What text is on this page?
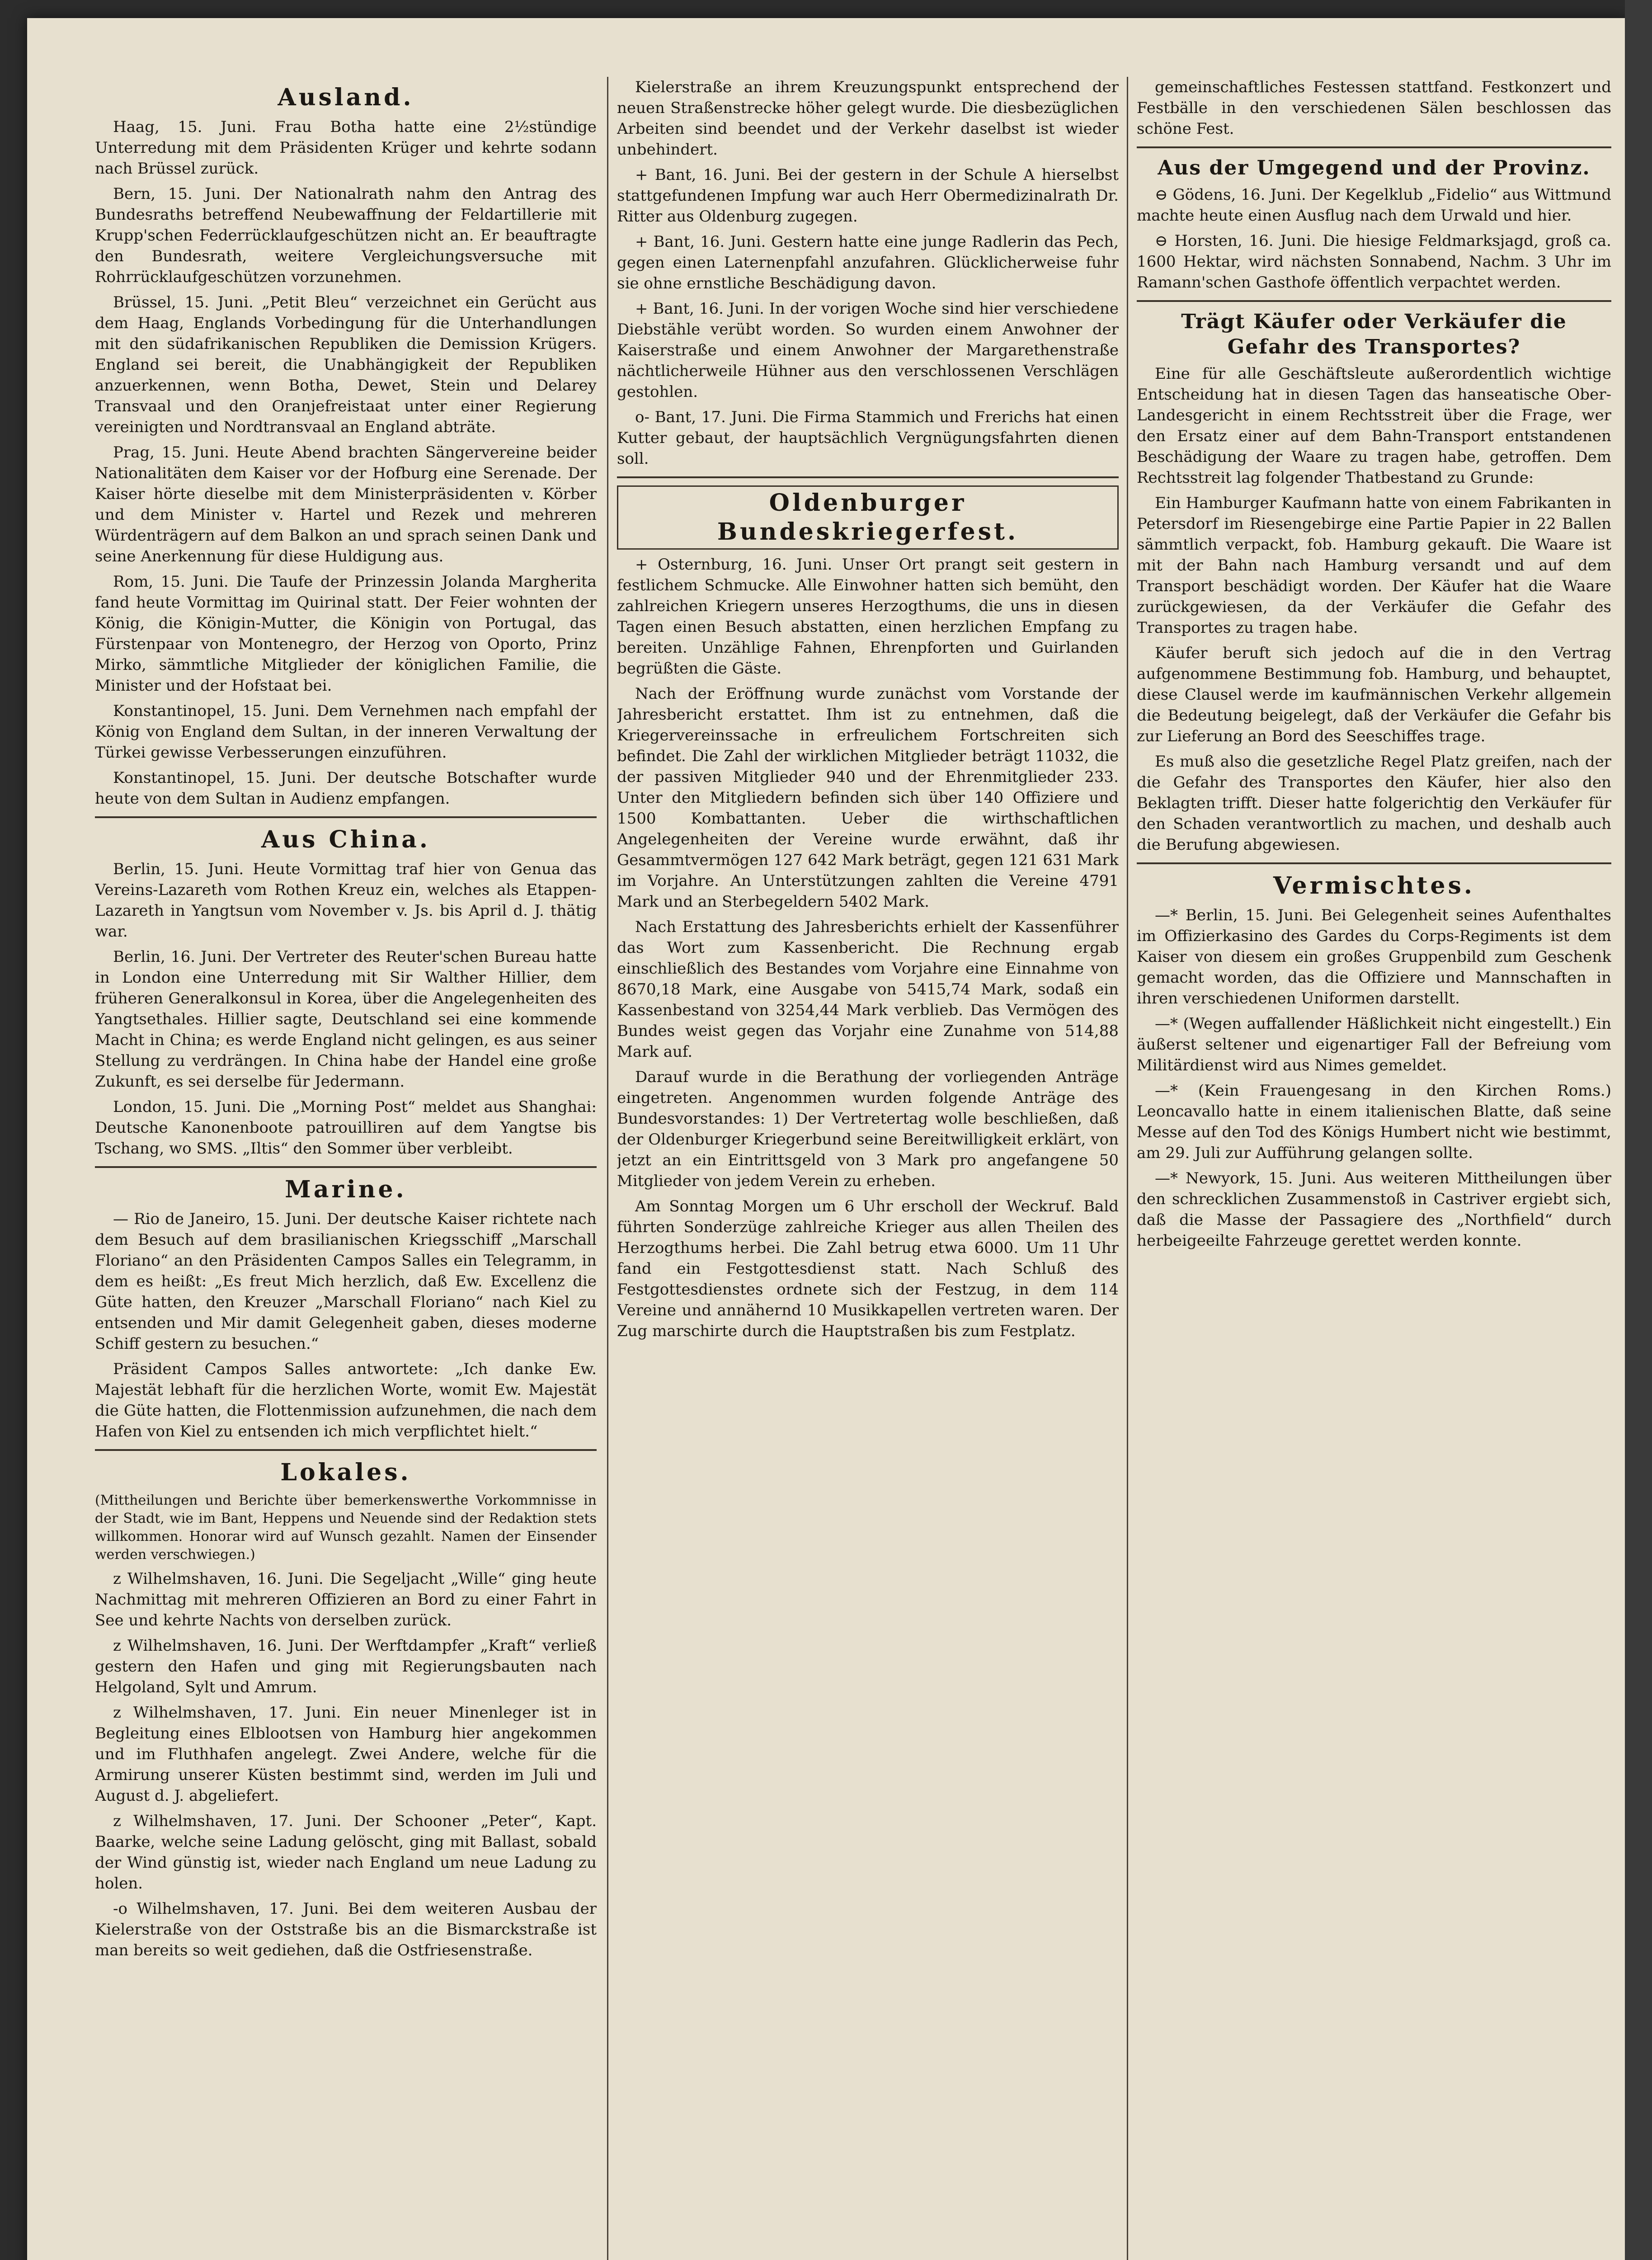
Ausland.

Haag, 15. Juni. Frau Botha hatte eine 2½stündige Unterredung mit dem Präsidenten Krüger und kehrte sodann nach Brüssel zurück.

Bern, 15. Juni. Der Nationalrath nahm den Antrag des Bundesraths betreffend Neubewaffnung der Feldartillerie mit Krupp'schen Federrücklaufgeschützen nicht an. Er beauftragte den Bundesrath, weitere Vergleichungsversuche mit Rohrrücklaufgeschützen vorzunehmen.

Brüssel, 15. Juni. „Petit Bleu“ verzeichnet ein Gerücht aus dem Haag, Englands Vorbedingung für die Unterhandlungen mit den südafrikanischen Republiken die Demission Krügers. England sei bereit, die Unabhängigkeit der Republiken anzuerkennen, wenn Botha, Dewet, Stein und Delarey Transvaal und den Oranjefreistaat unter einer Regierung vereinigten und Nordtransvaal an England abträte.

Prag, 15. Juni. Heute Abend brachten Sängervereine beider Nationalitäten dem Kaiser vor der Hofburg eine Serenade. Der Kaiser hörte dieselbe mit dem Ministerpräsidenten v. Körber und dem Minister v. Hartel und Rezek und mehreren Würdenträgern auf dem Balkon an und sprach seinen Dank und seine Anerkennung für diese Huldigung aus.

Rom, 15. Juni. Die Taufe der Prinzessin Jolanda Margherita fand heute Vormittag im Quirinal statt. Der Feier wohnten der König, die Königin-Mutter, die Königin von Portugal, das Fürstenpaar von Montenegro, der Herzog von Oporto, Prinz Mirko, sämmtliche Mitglieder der königlichen Familie, die Minister und der Hofstaat bei.

Konstantinopel, 15. Juni. Dem Vernehmen nach empfahl der König von England dem Sultan, in der inneren Verwaltung der Türkei gewisse Verbesserungen einzuführen.

Konstantinopel, 15. Juni. Der deutsche Botschafter wurde heute von dem Sultan in Audienz empfangen.

Aus China.

Berlin, 15. Juni. Heute Vormittag traf hier von Genua das Vereins-Lazareth vom Rothen Kreuz ein, welches als Etappen-Lazareth in Yangtsun vom November v. Js. bis April d. J. thätig war.

Berlin, 16. Juni. Der Vertreter des Reuter'schen Bureau hatte in London eine Unterredung mit Sir Walther Hillier, dem früheren Generalkonsul in Korea, über die Angelegenheiten des Yangtsethales. Hillier sagte, Deutschland sei eine kommende Macht in China; es werde England nicht gelingen, es aus seiner Stellung zu verdrängen. In China habe der Handel eine große Zukunft, es sei derselbe für Jedermann.

London, 15. Juni. Die „Morning Post“ meldet aus Shanghai: Deutsche Kanonenboote patrouilliren auf dem Yangtse bis Tschang, wo SMS. „Iltis“ den Sommer über verbleibt.

Marine.

— Rio de Janeiro, 15. Juni. Der deutsche Kaiser richtete nach dem Besuch auf dem brasilianischen Kriegsschiff „Marschall Floriano“ an den Präsidenten Campos Salles ein Telegramm, in dem es heißt: „Es freut Mich herzlich, daß Ew. Excellenz die Güte hatten, den Kreuzer „Marschall Floriano“ nach Kiel zu entsenden und Mir damit Gelegenheit gaben, dieses moderne Schiff gestern zu besuchen.“

Präsident Campos Salles antwortete: „Ich danke Ew. Majestät lebhaft für die herzlichen Worte, womit Ew. Majestät die Güte hatten, die Flottenmission aufzunehmen, die nach dem Hafen von Kiel zu entsenden ich mich verpflichtet hielt.“

Lokales.

(Mittheilungen und Berichte über bemerkenswerthe Vorkommnisse in der Stadt, wie im Bant, Heppens und Neuende sind der Redaktion stets willkommen. Honorar wird auf Wunsch gezahlt. Namen der Einsender werden verschwiegen.)

z Wilhelmshaven, 16. Juni. Die Segeljacht „Wille“ ging heute Nachmittag mit mehreren Offizieren an Bord zu einer Fahrt in See und kehrte Nachts von derselben zurück.

z Wilhelmshaven, 16. Juni. Der Werftdampfer „Kraft“ verließ gestern den Hafen und ging mit Regierungsbauten nach Helgoland, Sylt und Amrum.

z Wilhelmshaven, 17. Juni. Ein neuer Minenleger ist in Begleitung eines Elblootsen von Hamburg hier angekommen und im Fluthhafen angelegt. Zwei Andere, welche für die Armirung unserer Küsten bestimmt sind, werden im Juli und August d. J. abgeliefert.

z Wilhelmshaven, 17. Juni. Der Schooner „Peter“, Kapt. Baarke, welche seine Ladung gelöscht, ging mit Ballast, sobald der Wind günstig ist, wieder nach England um neue Ladung zu holen.

-o Wilhelmshaven, 17. Juni. Bei dem weiteren Ausbau der Kielerstraße von der Oststraße bis an die Bismarckstraße ist man bereits so weit gediehen, daß die Ostfriesenstraße.

Kielerstraße an ihrem Kreuzungspunkt entsprechend der neuen Straßenstrecke höher gelegt wurde. Die diesbezüglichen Arbeiten sind beendet und der Verkehr daselbst ist wieder unbehindert.

+ Bant, 16. Juni. Bei der gestern in der Schule A hierselbst stattgefundenen Impfung war auch Herr Obermedizinalrath Dr. Ritter aus Oldenburg zugegen.

+ Bant, 16. Juni. Gestern hatte eine junge Radlerin das Pech, gegen einen Laternenpfahl anzufahren. Glücklicherweise fuhr sie ohne ernstliche Beschädigung davon.

+ Bant, 16. Juni. In der vorigen Woche sind hier verschiedene Diebstähle verübt worden. So wurden einem Anwohner der Kaiserstraße und einem Anwohner der Margarethenstraße nächtlicherweile Hühner aus den verschlossenen Verschlägen gestohlen.

o- Bant, 17. Juni. Die Firma Stammich und Frerichs hat einen Kutter gebaut, der hauptsächlich Vergnügungsfahrten dienen soll.

Oldenburger Bundeskriegerfest.

+ Osternburg, 16. Juni. Unser Ort prangt seit gestern in festlichem Schmucke. Alle Einwohner hatten sich bemüht, den zahlreichen Kriegern unseres Herzogthums, die uns in diesen Tagen einen Besuch abstatten, einen herzlichen Empfang zu bereiten. Unzählige Fahnen, Ehrenpforten und Guirlanden begrüßten die Gäste.

Nach der Eröffnung wurde zunächst vom Vorstande der Jahresbericht erstattet. Ihm ist zu entnehmen, daß die Kriegervereinssache in erfreulichem Fortschreiten sich befindet. Die Zahl der wirklichen Mitglieder beträgt 11032, die der passiven Mitglieder 940 und der Ehrenmitglieder 233. Unter den Mitgliedern befinden sich über 140 Offiziere und 1500 Kombattanten. Ueber die wirthschaftlichen Angelegenheiten der Vereine wurde erwähnt, daß ihr Gesammtvermögen 127 642 Mark beträgt, gegen 121 631 Mark im Vorjahre. An Unterstützungen zahlten die Vereine 4791 Mark und an Sterbegeldern 5402 Mark.

Nach Erstattung des Jahresberichts erhielt der Kassenführer das Wort zum Kassenbericht. Die Rechnung ergab einschließlich des Bestandes vom Vorjahre eine Einnahme von 8670,18 Mark, eine Ausgabe von 5415,74 Mark, sodaß ein Kassenbestand von 3254,44 Mark verblieb. Das Vermögen des Bundes weist gegen das Vorjahr eine Zunahme von 514,88 Mark auf.

Darauf wurde in die Berathung der vorliegenden Anträge eingetreten. Angenommen wurden folgende Anträge des Bundesvorstandes: 1) Der Vertretertag wolle beschließen, daß der Oldenburger Kriegerbund seine Bereitwilligkeit erklärt, von jetzt an ein Eintrittsgeld von 3 Mark pro angefangene 50 Mitglieder von jedem Verein zu erheben.

Am Sonntag Morgen um 6 Uhr erscholl der Weckruf. Bald führten Sonderzüge zahlreiche Krieger aus allen Theilen des Herzogthums herbei. Die Zahl betrug etwa 6000. Um 11 Uhr fand ein Festgottesdienst statt. Nach Schluß des Festgottesdienstes ordnete sich der Festzug, in dem 114 Vereine und annähernd 10 Musikkapellen vertreten waren. Der Zug marschirte durch die Hauptstraßen bis zum Festplatz.

gemeinschaftliches Festessen stattfand. Festkonzert und Festbälle in den verschiedenen Sälen beschlossen das schöne Fest.

Aus der Umgegend und der Provinz.

⊖ Gödens, 16. Juni. Der Kegelklub „Fidelio“ aus Wittmund machte heute einen Ausflug nach dem Urwald und hier.

⊖ Horsten, 16. Juni. Die hiesige Feldmarksjagd, groß ca. 1600 Hektar, wird nächsten Sonnabend, Nachm. 3 Uhr im Ramann'schen Gasthofe öffentlich verpachtet werden.

Trägt Käufer oder Verkäufer die Gefahr des Transportes?

Eine für alle Geschäftsleute außerordentlich wichtige Entscheidung hat in diesen Tagen das hanseatische Ober-Landesgericht in einem Rechtsstreit über die Frage, wer den Ersatz einer auf dem Bahn-Transport entstandenen Beschädigung der Waare zu tragen habe, getroffen. Dem Rechtsstreit lag folgender Thatbestand zu Grunde:

Ein Hamburger Kaufmann hatte von einem Fabrikanten in Petersdorf im Riesengebirge eine Partie Papier in 22 Ballen sämmtlich verpackt, fob. Hamburg gekauft. Die Waare ist mit der Bahn nach Hamburg versandt und auf dem Transport beschädigt worden. Der Käufer hat die Waare zurückgewiesen, da der Verkäufer die Gefahr des Transportes zu tragen habe.

Käufer beruft sich jedoch auf die in den Vertrag aufgenommene Bestimmung fob. Hamburg, und behauptet, diese Clausel werde im kaufmännischen Verkehr allgemein die Bedeutung beigelegt, daß der Verkäufer die Gefahr bis zur Lieferung an Bord des Seeschiffes trage.

Es muß also die gesetzliche Regel Platz greifen, nach der die Gefahr des Transportes den Käufer, hier also den Beklagten trifft. Dieser hatte folgerichtig den Verkäufer für den Schaden verantwortlich zu machen, und deshalb auch die Berufung abgewiesen.

Vermischtes.

—* Berlin, 15. Juni. Bei Gelegenheit seines Aufenthaltes im Offizierkasino des Gardes du Corps-Regiments ist dem Kaiser von diesem ein großes Gruppenbild zum Geschenk gemacht worden, das die Offiziere und Mannschaften in ihren verschiedenen Uniformen darstellt.

—* (Wegen auffallender Häßlichkeit nicht eingestellt.) Ein äußerst seltener und eigenartiger Fall der Befreiung vom Militärdienst wird aus Nimes gemeldet.

—* (Kein Frauengesang in den Kirchen Roms.) Leoncavallo hatte in einem italienischen Blatte, daß seine Messe auf den Tod des Königs Humbert nicht wie bestimmt, am 29. Juli zur Aufführung gelangen sollte.

—* Newyork, 15. Juni. Aus weiteren Mittheilungen über den schrecklichen Zusammenstoß in Castriver ergiebt sich, daß die Masse der Passagiere des „Northfield“ durch herbeigeeilte Fahrzeuge gerettet werden konnte.
